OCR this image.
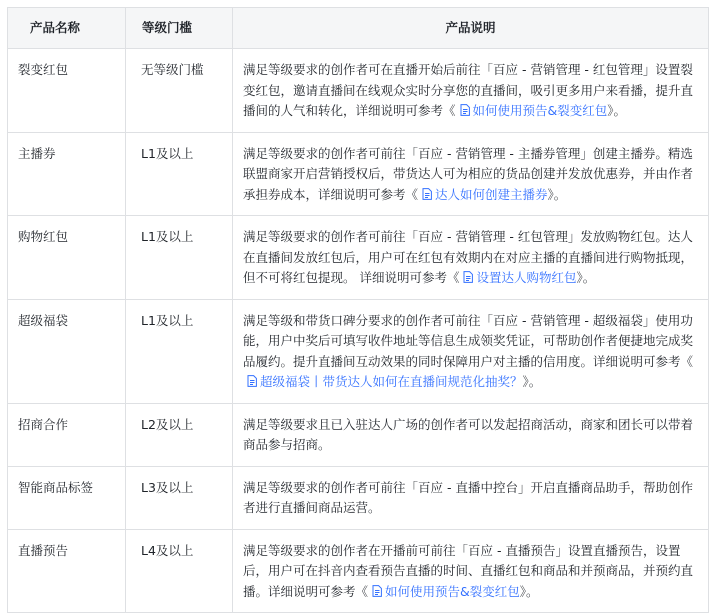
产品名称	等级门槛	产品说明
裂变红包	无等级门槛	满足等级要求的创作者可在直播开始后前往「百应 - 营销管理 - 红包管理」设置裂变红包，邀请直播间在线观众实时分享您的直播间，吸引更多用户来看播，提升直播间的人气和转化，详细说明可参考《 如何使用预告&裂变红包》。
主播券	L1及以上	满足等级要求的创作者可前往「百应 - 营销管理 - 主播券管理」创建主播券。精选联盟商家开启营销授权后，带货达人可为相应的货品创建并发放优惠券，并由作者承担券成本，详细说明可参考《 达人如何创建主播券》。
购物红包	L1及以上	满足等级要求的创作者可前往「百应 - 营销管理 - 红包管理」发放购物红包。达人在直播间发放红包后，用户可在红包有效期内在对应主播的直播间进行购物抵现，但不可将红包提现。 详细说明可参考《 设置达人购物红包》。
超级福袋	L1及以上	满足等级和带货口碑分要求的创作者可前往「百应 - 营销管理 - 超级福袋」使用功能，用户中奖后可填写收件地址等信息生成领奖凭证，可帮助创作者便捷地完成奖品履约。提升直播间互动效果的同时保障用户对主播的信用度。详细说明可参考《超级福袋丨带货达人如何在直播间规范化抽奖？》。
招商合作	L2及以上	满足等级要求且已入驻达人广场的创作者可以发起招商活动，商家和团长可以带着商品参与招商。
智能商品标签	L3及以上	满足等级要求的创作者可前往「百应 - 直播中控台」开启直播商品助手，帮助创作者进行直播间商品运营。
直播预告	L4及以上	满足等级要求的创作者在开播前可前往「百应 - 直播预告」设置直播预告，设置后，用户可在抖音内查看预告直播的时间、直播红包和商品和并预商品，并预约直播。详细说明可参考《 如何使用预告&裂变红包》。
